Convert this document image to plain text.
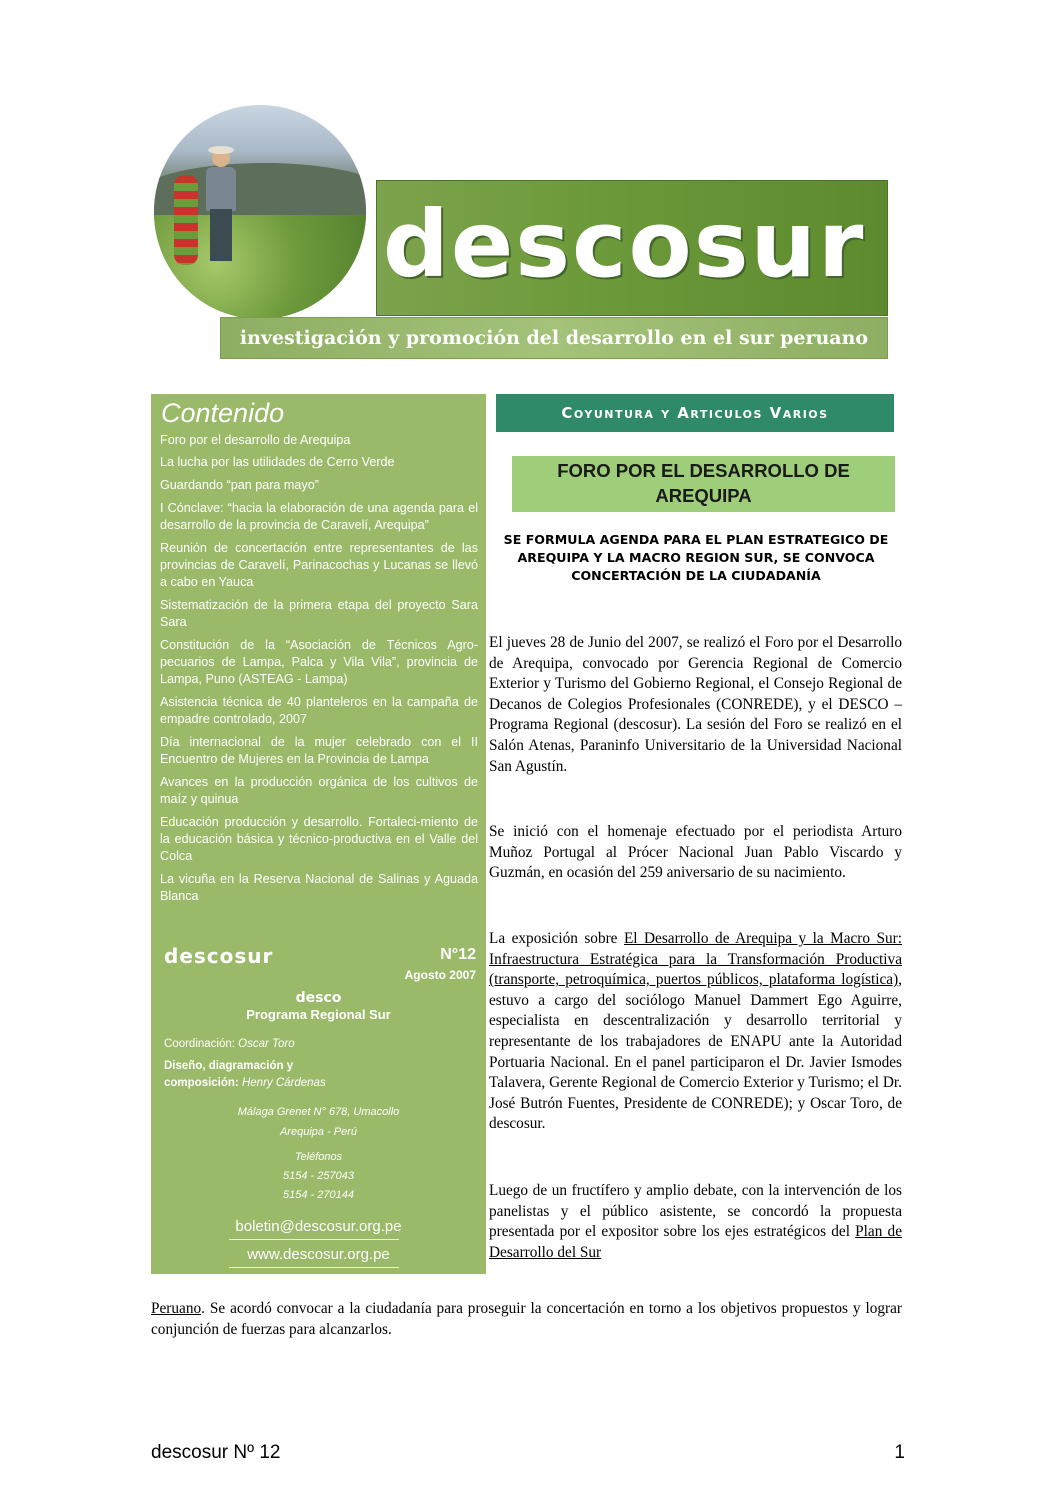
descosur
investigación y promoción del desarrollo en el sur peruano
Contenido
Foro por el desarrollo de Arequipa
La lucha por las utilidades de Cerro Verde
Guardando “pan para mayo”
I Cónclave: “hacia la elaboración de una agenda para el desarrollo de la provincia de Caravelí, Arequipa”
Reunión de concertación entre representantes de las provincias de Caravelí, Parinacochas y Lucanas se llevó a cabo en Yauca
Sistematización de la primera etapa del proyecto Sara Sara
Constitución de la “Asociación de Técnicos Agro-pecuarios de Lampa, Palca y Vila Vila”, provincia de Lampa, Puno (ASTEAG - Lampa)
Asistencia técnica de 40 planteleros en la campaña de empadre controlado, 2007
Día internacional de la mujer celebrado con el II Encuentro de Mujeres en la Provincia de Lampa
Avances en la producción orgánica de los cultivos de maíz y quinua
Educación producción y desarrollo. Fortaleci-miento de la educación básica y técnico-productiva en el Valle del Colca
La vicuña en la Reserva Nacional de Salinas y Aguada Blanca
descosur	N°12
Agosto 2007
desco
Programa Regional Sur
Coordinación: Oscar Toro
Diseño, diagramación y
composición: Henry Cárdenas
Málaga Grenet N° 678, Umacollo
Arequipa - Perú
Teléfonos
5154 - 257043
5154 - 270144
boletin@descosur.org.pe
www.descosur.org.pe
Coyuntura y Articulos Varios
FORO POR EL DESARROLLO DE AREQUIPA
SE FORMULA AGENDA PARA EL PLAN ESTRATEGICO DE AREQUIPA Y LA MACRO REGION SUR, SE CONVOCA CONCERTACIÓN DE LA CIUDADANÍA

El jueves 28 de Junio del 2007, se realizó el Foro por el Desarrollo de Arequipa, convocado por Gerencia Regional de Comercio Exterior y Turismo del Gobierno Regional, el Consejo Regional de Decanos de Colegios Profesionales (CONREDE), y el DESCO – Programa Regional (descosur). La sesión del Foro se realizó en el Salón Atenas, Paraninfo Universitario de la Universidad Nacional San Agustín.

Se inició con el homenaje efectuado por el periodista Arturo Muñoz Portugal al Prócer Nacional Juan Pablo Viscardo y Guzmán, en ocasión del 259 aniversario de su nacimiento.

La exposición sobre El Desarrollo de Arequipa y la Macro Sur: Infraestructura Estratégica para la Transformación Productiva (transporte, petroquímica, puertos públicos, plataforma logística), estuvo a cargo del sociólogo Manuel Dammert Ego Aguirre, especialista en descentralización y desarrollo territorial y representante de los trabajadores de ENAPU ante la Autoridad Portuaria Nacional. En el panel participaron el Dr. Javier Ismodes Talavera, Gerente Regional de Comercio Exterior y Turismo; el Dr. José Butrón Fuentes, Presidente de CONREDE); y Oscar Toro, de descosur.

Luego de un fructífero y amplio debate, con la intervención de los panelistas y el público asistente, se concordó la propuesta presentada por el expositor sobre los ejes estratégicos del Plan de Desarrollo del Sur

Peruano. Se acordó convocar a la ciudadanía para proseguir la concertación en torno a los objetivos propuestos y lograr conjunción de fuerzas para alcanzarlos.

descosur Nº 12	1
